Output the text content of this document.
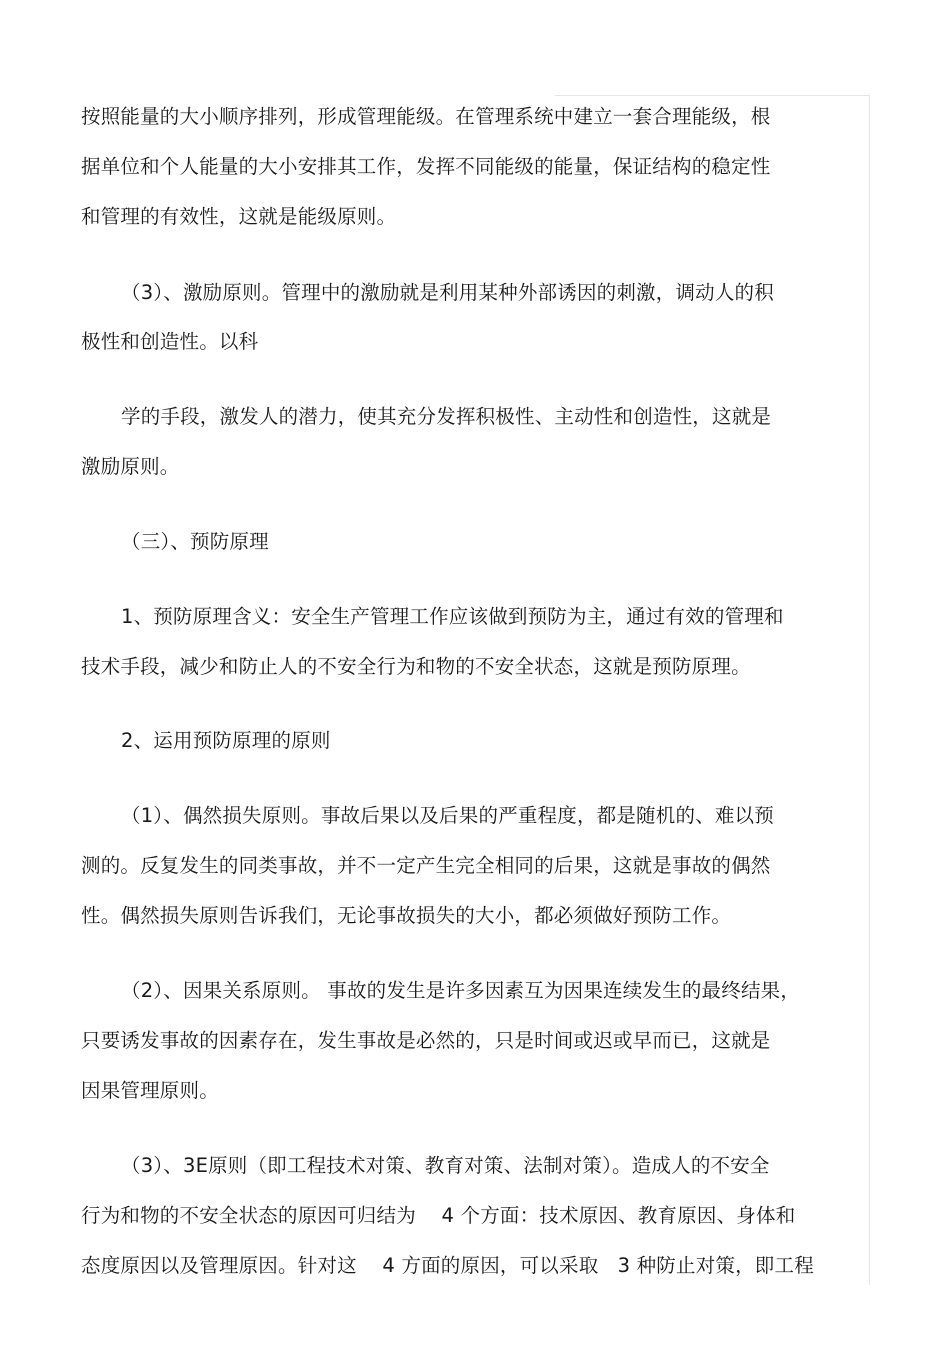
按照能量的大小顺序排列，形成管理能级。在管理系统中建立一套合理能级，根
据单位和个人能量的大小安排其工作，发挥不同能级的能量，保证结构的稳定性
和管理的有效性，这就是能级原则。
（3）、激励原则。管理中的激励就是利用某种外部诱因的刺激，调动人的积
极性和创造性。以科
学的手段，激发人的潜力，使其充分发挥积极性、主动性和创造性，这就是
激励原则。
（三）、预防原理
1、预防原理含义：安全生产管理工作应该做到预防为主，通过有效的管理和
技术手段，减少和防止人的不安全行为和物的不安全状态，这就是预防原理。
2、运用预防原理的原则
（1）、偶然损失原则。事故后果以及后果的严重程度，都是随机的、难以预
测的。反复发生的同类事故，并不一定产生完全相同的后果，这就是事故的偶然
性。偶然损失原则告诉我们，无论事故损失的大小，都必须做好预防工作。
（2）、因果关系原则。 事故的发生是许多因素互为因果连续发生的最终结果，
只要诱发事故的因素存在，发生事故是必然的，只是时间或迟或早而已，这就是
因果管理原则。
（3）、3E原则（即工程技术对策、教育对策、法制对策）。造成人的不安全
行为和物的不安全状态的原因可归结为    4 个方面：技术原因、教育原因、身体和
态度原因以及管理原因。针对这    4 方面的原因，可以采取   3 种防止对策，即工程
